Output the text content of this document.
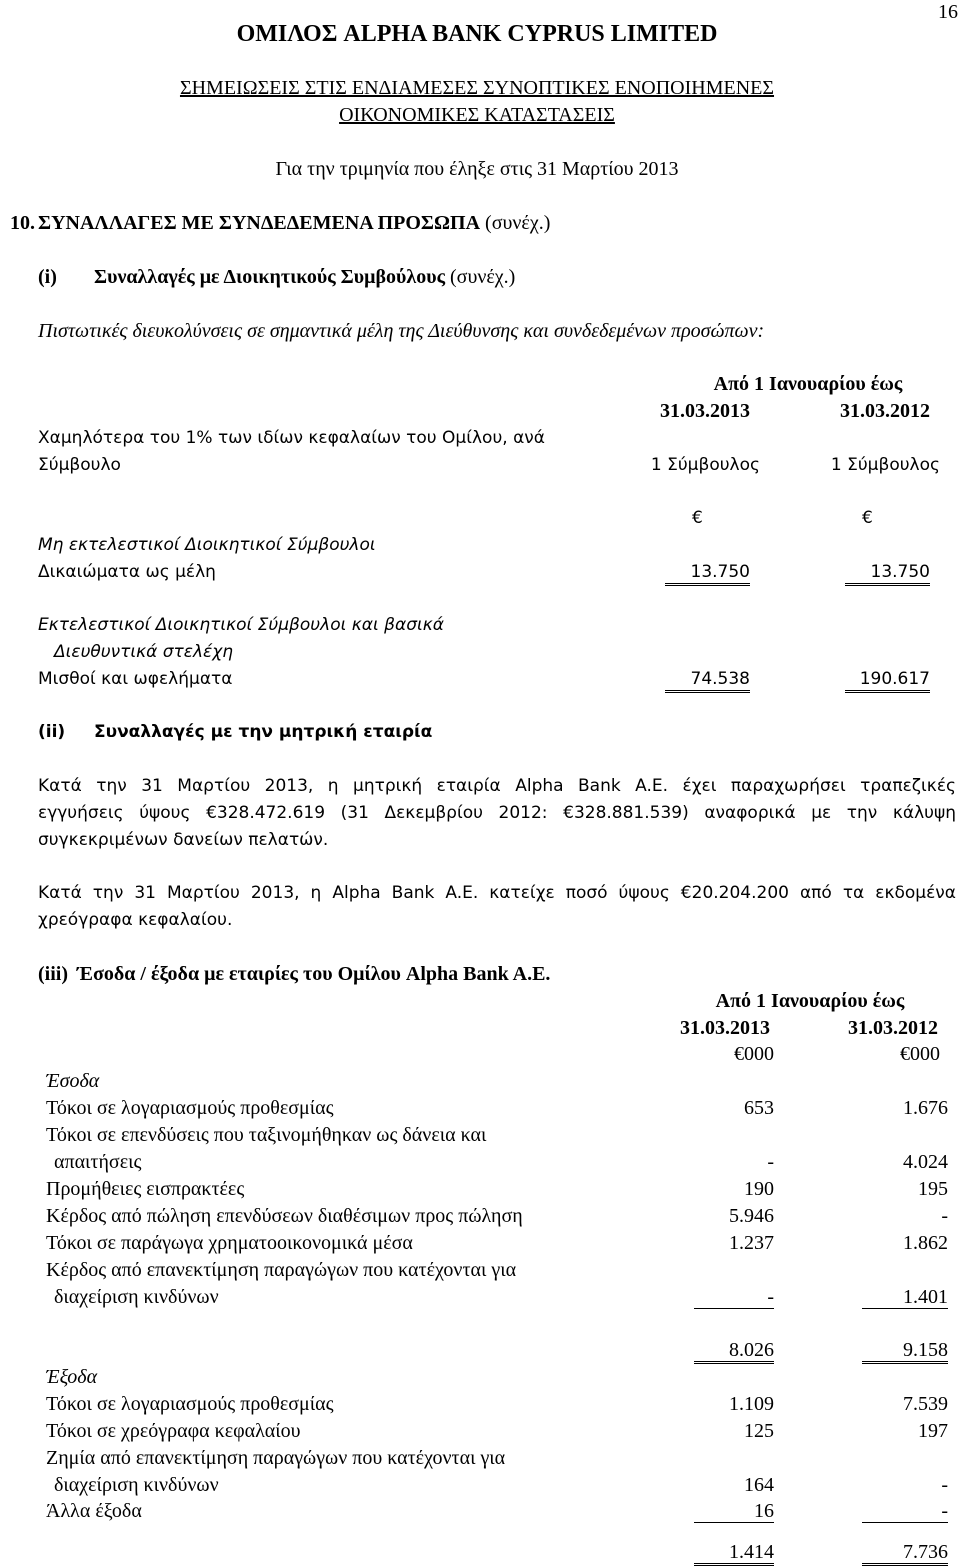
16
ΟΜΙΛΟΣ ALPHA BANK CYPRUS LIMITED
ΣΗΜΕΙΩΣΕΙΣ ΣΤΙΣ ΕΝΔΙΑΜΕΣΕΣ ΣΥΝΟΠΤΙΚΕΣ ΕΝΟΠΟΙΗΜΕΝΕΣ
ΟΙΚΟΝΟΜΙΚΕΣ ΚΑΤΑΣΤΑΣΕΙΣ
Για την τριμηνία που έληξε στις 31 Μαρτίου 2013
10. ΣΥΝΑΛΛΑΓΕΣ ΜΕ ΣΥΝΔΕΔΕΜΕΝΑ ΠΡΟΣΩΠΑ (συνέχ.)
(i) Συναλλαγές με Διοικητικούς Συμβούλους (συνέχ.)
Πιστωτικές διευκολύνσεις σε σημαντικά μέλη της Διεύθυνσης και συνδεδεμένων προσώπων:
Από 1 Ιανουαρίου έως
31.03.2013	31.03.2012
Χαμηλότερα του 1% των ιδίων κεφαλαίων του Ομίλου, ανά
Σύμβουλο	1 Σύμβουλος	1 Σύμβουλος
€	€
Μη εκτελεστικοί Διοικητικοί Σύμβουλοι
Δικαιώματα ως μέλη	13.750	13.750
Εκτελεστικοί Διοικητικοί Σύμβουλοι και βασικά
Διευθυντικά στελέχη
Μισθοί και ωφελήματα	74.538	190.617
(ii) Συναλλαγές με την μητρική εταιρία
Κατά την 31 Μαρτίου 2013, η μητρική εταιρία Alpha Bank A.E. έχει παραχωρήσει τραπεζικές
εγγυήσεις ύψους €328.472.619 (31 Δεκεμβρίου 2012: €328.881.539) αναφορικά με την κάλυψη
συγκεκριμένων δανείων πελατών.
Κατά την 31 Μαρτίου 2013, η Alpha Bank A.E. κατείχε ποσό ύψους €20.204.200 από τα εκδομένα
χρεόγραφα κεφαλαίου.
(iii) Έσοδα / έξοδα με εταιρίες του Ομίλου Alpha Bank A.E.
Από 1 Ιανουαρίου έως
31.03.2013	31.03.2012
€000	€000
Έσοδα
Τόκοι σε λογαριασμούς προθεσμίας	653	1.676
Τόκοι σε επενδύσεις που ταξινομήθηκαν ως δάνεια και
απαιτήσεις	-	4.024
Προμήθειες εισπρακτέες	190	195
Κέρδος από πώληση επενδύσεων διαθέσιμων προς πώληση	5.946	-
Τόκοι σε παράγωγα χρηματοοικονομικά μέσα	1.237	1.862
Κέρδος από επανεκτίμηση παραγώγων που κατέχονται για
διαχείριση κινδύνων	-	1.401
8.026	9.158
Έξοδα
Τόκοι σε λογαριασμούς προθεσμίας	1.109	7.539
Τόκοι σε χρεόγραφα κεφαλαίου	125	197
Ζημία από επανεκτίμηση παραγώγων που κατέχονται για
διαχείριση κινδύνων	164	-
Άλλα έξοδα	16	-
1.414	7.736
